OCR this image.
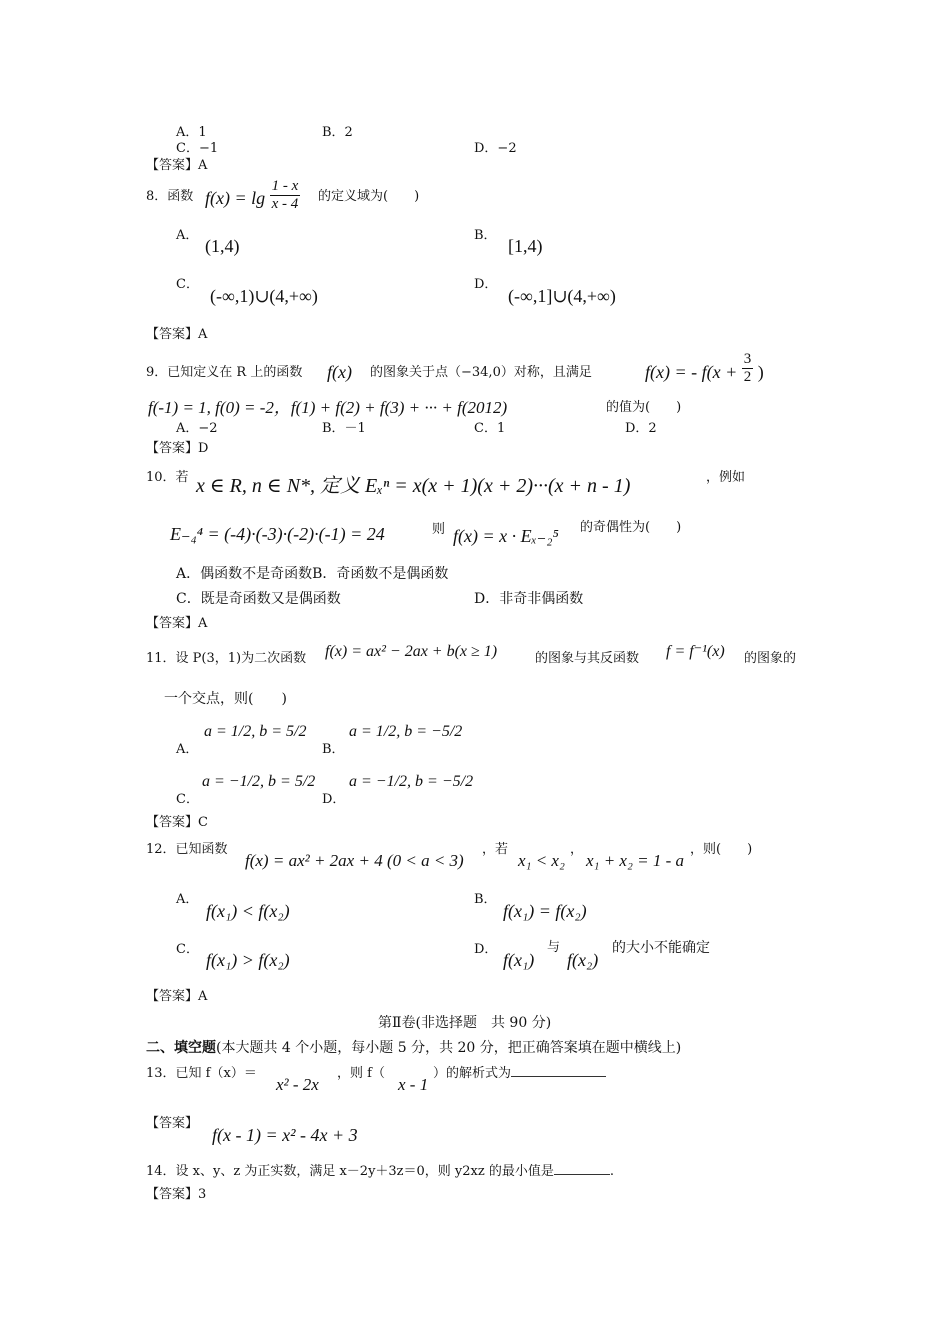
A．1	B．2
C．−1	D．−2
【答案】A
8．函数 $f(x) = \lg \frac{1 - x}{x - 4}$ 的定义域为(　　)
A．
(1,4)
B．
[1,4)
C．
(-∞,1)∪(4,+∞)
D．
(-∞,1]∪(4,+∞)
【答案】A
9．已知定义在 R 上的函数 f(x) 的图象关于点（−34,0）对称，且满足	f(x) = - $f(x + \frac{3}{2}$ )
f(-1) = 1, f(0) = -2，f(1) + f(2) + f(3) + ··· + f(2012)	的值为(　　)
A．−2	B．－1	C．1	D．2
【答案】D
10．若 x ∈ R, n ∈ N*, 定义 Eₓⁿ = x(x + 1)(x + 2)···(x + n - 1)	，例如
E₋₄⁴ = (-4)·(-3)·(-2)·(-1) = 24	则 f(x) = x · Eₓ₋₂⁵ 的奇偶性为(　　)
A．偶函数不是奇函数B．奇函数不是偶函数
C．既是奇函数又是偶函数	D．非奇非偶函数
【答案】A
11．设 P(3，1)为二次函数 f(x) = ax² − 2ax + b(x ≥ 1)	的图象与其反函数 f = f⁻¹(x) 的图象的
一个交点，则(　　)
A．
a = 1/2, b = 5/2
B．
a = 1/2, b = −5/2
C．
a = −1/2, b = 5/2
D．
a = −1/2, b = −5/2
【答案】C
12．已知函数
f(x) = ax² + 2ax + 4 (0 < a < 3)
，若
x₁ < x₂
，
x₁ + x₂ = 1 - a
，则(　　)
A．
f(x₁) < f(x₂)
B．
f(x₁) = f(x₂)
C．
f(x₁) > f(x₂)
D．
f(x₁)
与
f(x₂)
的大小不能确定
【答案】A
第Ⅱ卷(非选择题　共 90 分)
二、填空题(本大题共 4 个小题，每小题 5 分，共 20 分，把正确答案填在题中横线上)
13．已知 f（x）＝
x² - 2x
，则 f（
x - 1
）的解析式为
【答案】
f(x - 1) = x² - 4x + 3
14．设 x、y、z 为正实数，满足 x－2y＋3z＝0，则 y2xz 的最小值是	.
【答案】3
